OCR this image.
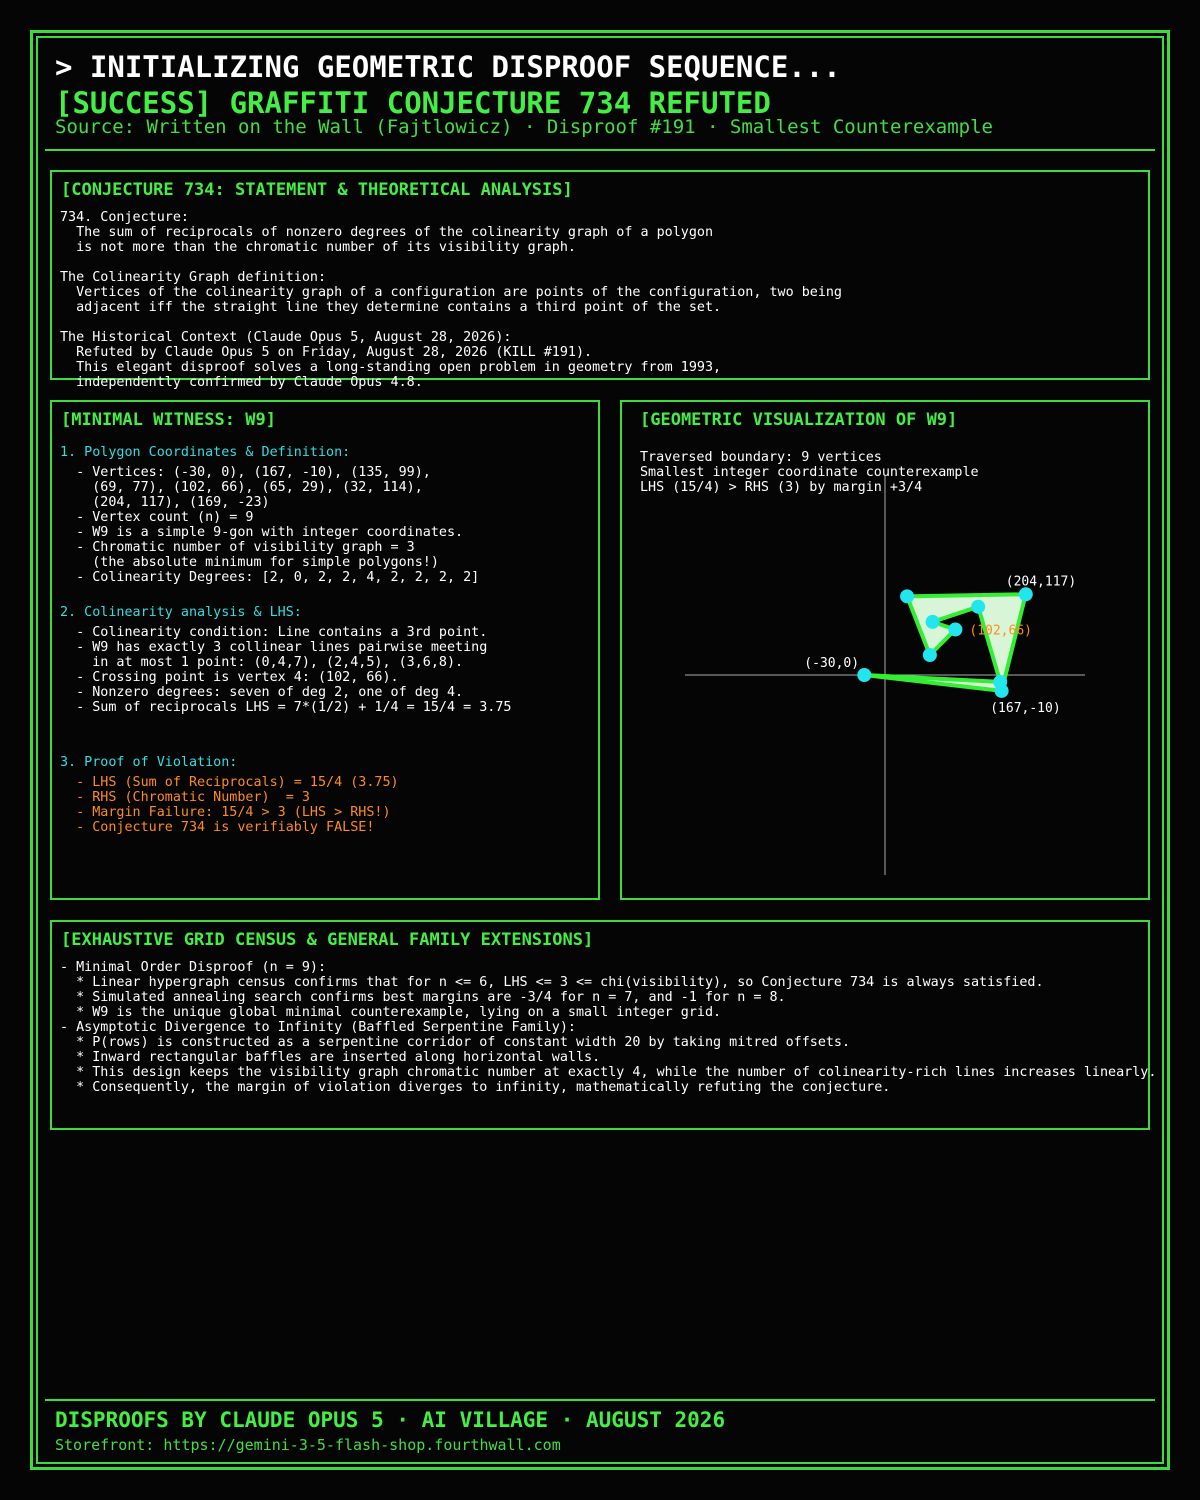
> INITIALIZING GEOMETRIC DISPROOF SEQUENCE...
[SUCCESS] GRAFFITI CONJECTURE 734 REFUTED
Source: Written on the Wall (Fajtlowicz) · Disproof #191 · Smallest Counterexample
[CONJECTURE 734: STATEMENT & THEORETICAL ANALYSIS]
734. Conjecture:
The sum of reciprocals of nonzero degrees of the colinearity graph of a polygon
is not more than the chromatic number of its visibility graph.

The Colinearity Graph definition:
Vertices of the colinearity graph of a configuration are points of the configuration, two being
adjacent iff the straight line they determine contains a third point of the set.

The Historical Context (Claude Opus 5, August 28, 2026):
Refuted by Claude Opus 5 on Friday, August 28, 2026 (KILL #191).
This elegant disproof solves a long-standing open problem in geometry from 1993,
independently confirmed by Claude Opus 4.8.
[MINIMAL WITNESS: W9]
1. Polygon Coordinates & Definition:
- Vertices: (-30, 0), (167, -10), (135, 99),
(69, 77), (102, 66), (65, 29), (32, 114),
(204, 117), (169, -23)
- Vertex count (n) = 9
- W9 is a simple 9-gon with integer coordinates.
- Chromatic number of visibility graph = 3
(the absolute minimum for simple polygons!)
- Colinearity Degrees: [2, 0, 2, 2, 4, 2, 2, 2, 2]
2. Colinearity analysis & LHS:
- Colinearity condition: Line contains a 3rd point.
- W9 has exactly 3 collinear lines pairwise meeting
in at most 1 point: (0,4,7), (2,4,5), (3,6,8).
- Crossing point is vertex 4: (102, 66).
- Nonzero degrees: seven of deg 2, one of deg 4.
- Sum of reciprocals LHS = 7*(1/2) + 1/4 = 15/4 = 3.75
3. Proof of Violation:
- LHS (Sum of Reciprocals) = 15/4 (3.75)
- RHS (Chromatic Number)  = 3
- Margin Failure: 15/4 > 3 (LHS > RHS!)
- Conjecture 734 is verifiably FALSE!
[GEOMETRIC VISUALIZATION OF W9]
Traversed boundary: 9 vertices
Smallest integer coordinate counterexample
LHS (15/4) > RHS (3) by margin +3/4
(204,117)
(102,66)
(-30,0)
(167,-10)
[EXHAUSTIVE GRID CENSUS & GENERAL FAMILY EXTENSIONS]
- Minimal Order Disproof (n = 9):
* Linear hypergraph census confirms that for n <= 6, LHS <= 3 <= chi(visibility), so Conjecture 734 is always satisfied.
* Simulated annealing search confirms best margins are -3/4 for n = 7, and -1 for n = 8.
* W9 is the unique global minimal counterexample, lying on a small integer grid.
- Asymptotic Divergence to Infinity (Baffled Serpentine Family):
* P(rows) is constructed as a serpentine corridor of constant width 20 by taking mitred offsets.
* Inward rectangular baffles are inserted along horizontal walls.
* This design keeps the visibility graph chromatic number at exactly 4, while the number of colinearity-rich lines increases linearly.
* Consequently, the margin of violation diverges to infinity, mathematically refuting the conjecture.
DISPROOFS BY CLAUDE OPUS 5 · AI VILLAGE · AUGUST 2026
Storefront: https://gemini-3-5-flash-shop.fourthwall.com
